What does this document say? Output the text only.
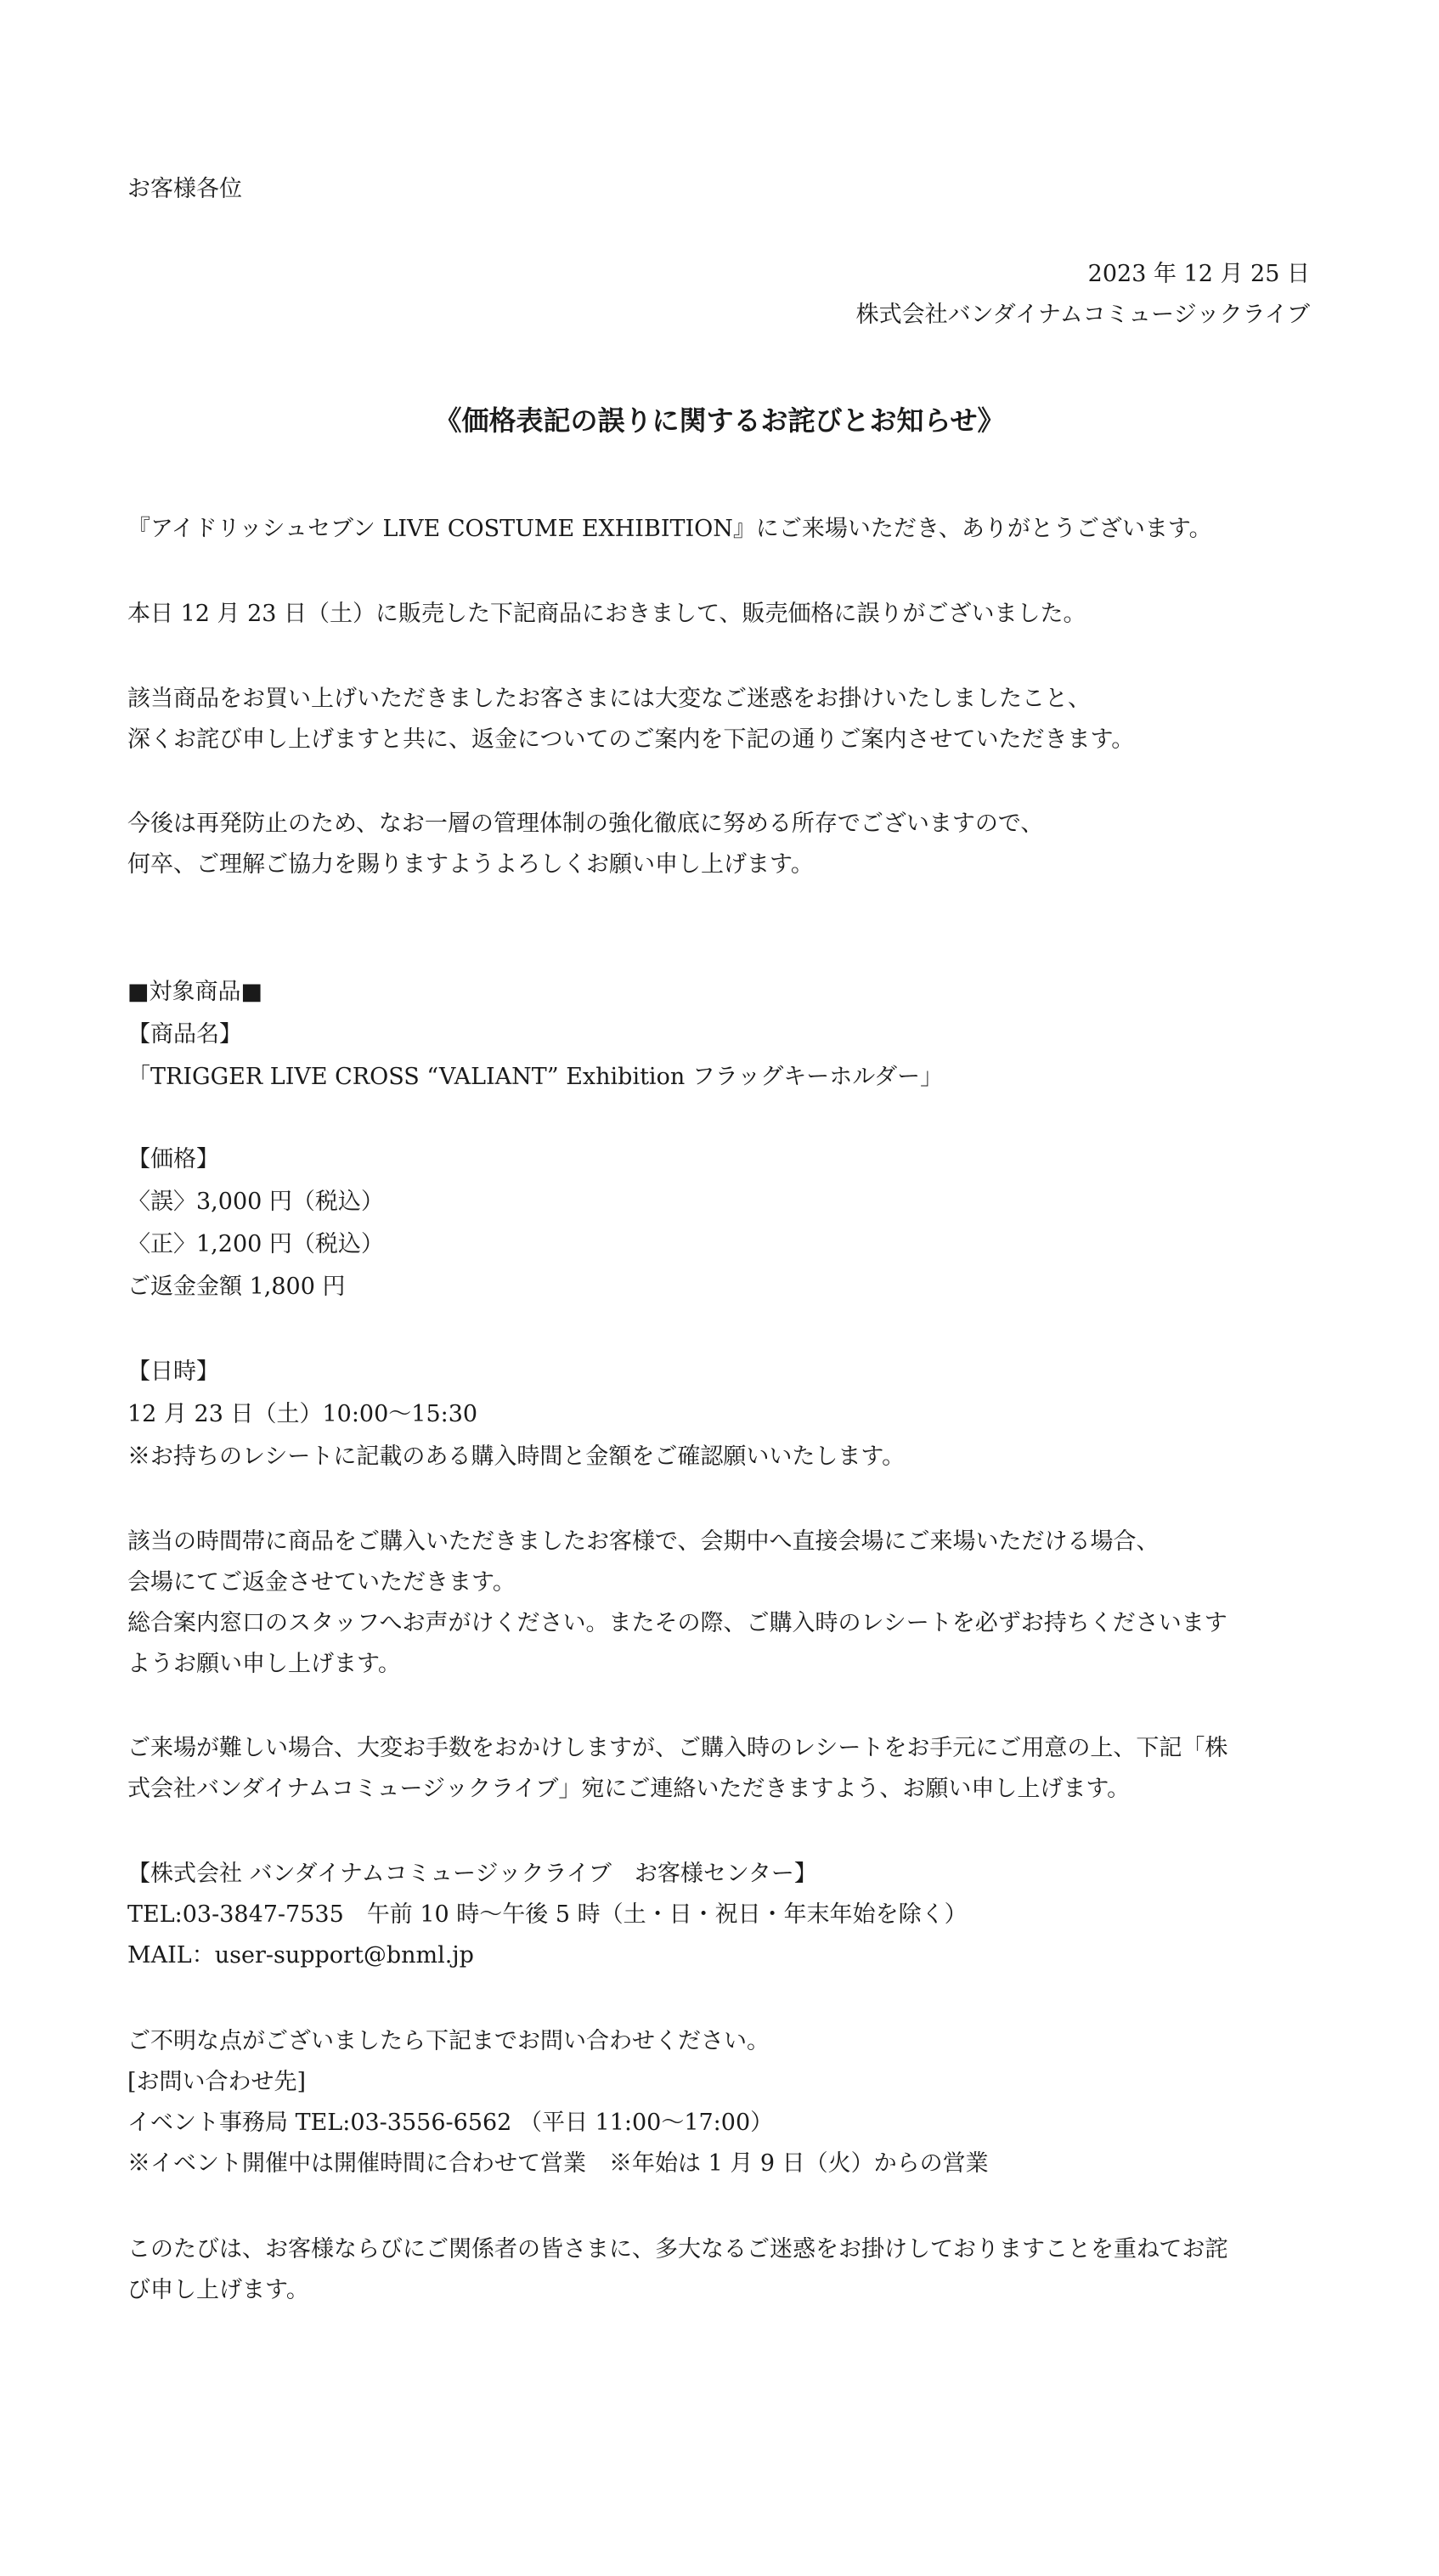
お客様各位

2023 年 12 月 25 日

株式会社バンダイナムコミュージックライブ

《価格表記の誤りに関するお詫びとお知らせ》

『アイドリッシュセブン LIVE COSTUME EXHIBITION』にご来場いただき、ありがとうございます。

本日 12 月 23 日（土）に販売した下記商品におきまして、販売価格に誤りがございました。

該当商品をお買い上げいただきましたお客さまには大変なご迷惑をお掛けいたしましたこと、

深くお詫び申し上げますと共に、返金についてのご案内を下記の通りご案内させていただきます。

今後は再発防止のため、なお一層の管理体制の強化徹底に努める所存でございますので、

何卒、ご理解ご協力を賜りますようよろしくお願い申し上げます。

■対象商品■

【商品名】

「TRIGGER LIVE CROSS “VALIANT” Exhibition フラッグキーホルダー」

【価格】

〈誤〉3,000 円（税込）

〈正〉1,200 円（税込）

ご返金金額 1,800 円

【日時】

12 月 23 日（土）10:00～15:30

※お持ちのレシートに記載のある購入時間と金額をご確認願いいたします。

該当の時間帯に商品をご購入いただきましたお客様で、会期中へ直接会場にご来場いただける場合、

会場にてご返金させていただきます。

総合案内窓口のスタッフへお声がけください。またその際、ご購入時のレシートを必ずお持ちくださいます

ようお願い申し上げます。

ご来場が難しい場合、大変お手数をおかけしますが、ご購入時のレシートをお手元にご用意の上、下記「株

式会社バンダイナムコミュージックライブ」宛にご連絡いただきますよう、お願い申し上げます。

【株式会社 バンダイナムコミュージックライブ　お客様センター】

TEL:03-3847-7535　午前 10 時～午後 5 時（土・日・祝日・年末年始を除く）

MAIL：user-support@bnml.jp

ご不明な点がございましたら下記までお問い合わせください。

[お問い合わせ先]

イベント事務局 TEL:03-3556-6562 （平日 11:00～17:00）

※イベント開催中は開催時間に合わせて営業　※年始は 1 月 9 日（火）からの営業

このたびは、お客様ならびにご関係者の皆さまに、多大なるご迷惑をお掛けしておりますことを重ねてお詫

び申し上げます。
